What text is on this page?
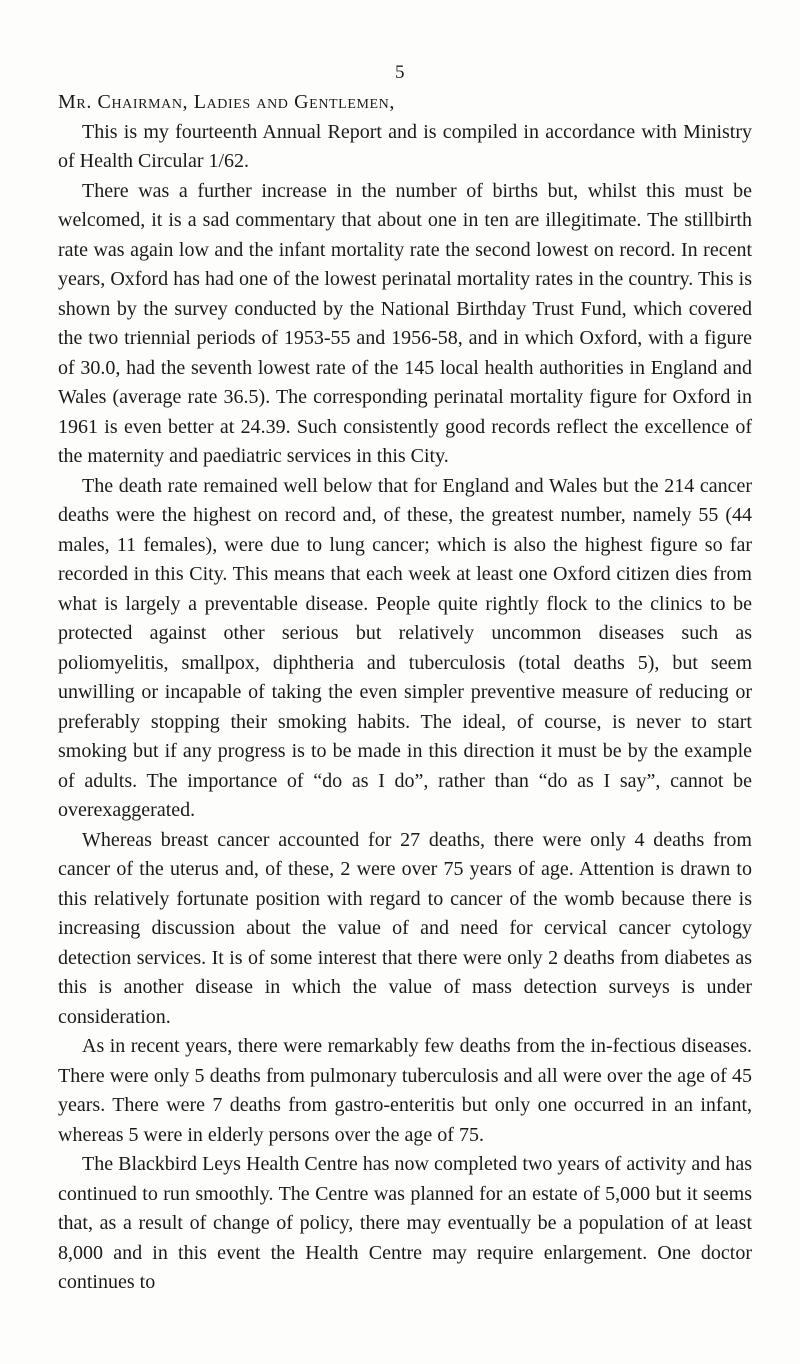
5

Mr. Chairman, Ladies and Gentlemen,

This is my fourteenth Annual Report and is compiled in accordance with Ministry of Health Circular 1/62.

There was a further increase in the number of births but, whilst this must be welcomed, it is a sad commentary that about one in ten are illegitimate. The stillbirth rate was again low and the infant mortality rate the second lowest on record. In recent years, Oxford has had one of the lowest perinatal mortality rates in the country. This is shown by the survey conducted by the National Birthday Trust Fund, which covered the two triennial periods of 1953-55 and 1956-58, and in which Oxford, with a figure of 30.0, had the seventh lowest rate of the 145 local health authorities in England and Wales (average rate 36.5). The corresponding perinatal mortality figure for Oxford in 1961 is even better at 24.39. Such consistently good records reflect the excellence of the maternity and paediatric services in this City.

The death rate remained well below that for England and Wales but the 214 cancer deaths were the highest on record and, of these, the greatest number, namely 55 (44 males, 11 females), were due to lung cancer; which is also the highest figure so far recorded in this City. This means that each week at least one Oxford citizen dies from what is largely a preventable disease. People quite rightly flock to the clinics to be protected against other serious but relatively uncommon diseases such as poliomyelitis, smallpox, diphtheria and tuberculosis (total deaths 5), but seem unwilling or incapable of taking the even simpler preventive measure of reducing or preferably stopping their smoking habits. The ideal, of course, is never to start smoking but if any progress is to be made in this direction it must be by the example of adults. The importance of “do as I do”, rather than “do as I say”, cannot be overexaggerated.

Whereas breast cancer accounted for 27 deaths, there were only 4 deaths from cancer of the uterus and, of these, 2 were over 75 years of age. Attention is drawn to this relatively fortunate position with regard to cancer of the womb because there is increasing discussion about the value of and need for cervical cancer cytology detection services. It is of some interest that there were only 2 deaths from diabetes as this is another disease in which the value of mass detection surveys is under consideration.

As in recent years, there were remarkably few deaths from the in-fectious diseases. There were only 5 deaths from pulmonary tuberculosis and all were over the age of 45 years. There were 7 deaths from gastro-enteritis but only one occurred in an infant, whereas 5 were in elderly persons over the age of 75.

The Blackbird Leys Health Centre has now completed two years of activity and has continued to run smoothly. The Centre was planned for an estate of 5,000 but it seems that, as a result of change of policy, there may eventually be a population of at least 8,000 and in this event the Health Centre may require enlargement. One doctor continues to
